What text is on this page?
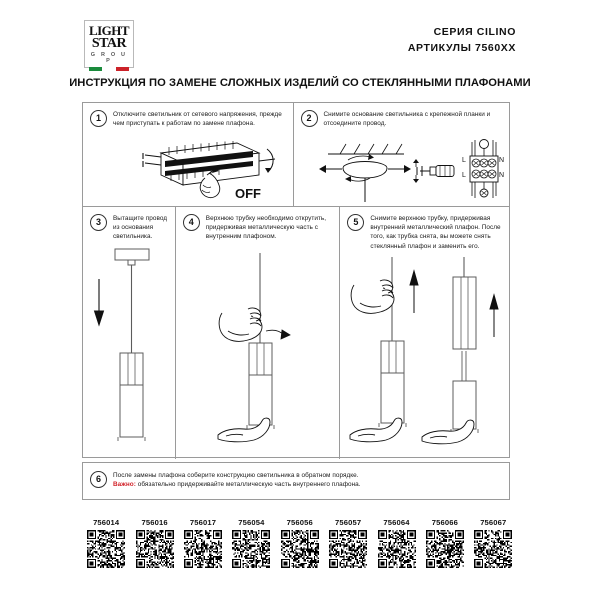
LIGHT
STAR
G R O U P
СЕРИЯ CILINO
АРТИКУЛЫ 7560ХХ
ИНСТРУКЦИЯ ПО ЗАМЕНЕ СЛОЖНЫХ ИЗДЕЛИЙ СО СТЕКЛЯННЫМИ ПЛАФОНАМИ
1	Отключите светильник от сетевого напряжения, прежде чем приступать к работам по замене плафона.
OFF
2	Снимите основание светильника с крепежной планки и отсоедините провод.
L	N
L	N
3	Вытащите провод из основания светильника.
4	Верхнюю трубку необходимо открутить, придерживая металлическую часть с внутренним плафоном.
5	Снимите верхнюю трубку, придерживая внутренний металлический плафон. После того, как трубка снята, вы можете снять стеклянный плафон и заменить его.
6	После замены плафона соберите конструкцию светильника в обратном порядке.
Важно: обязательно придерживайте металлическую часть внутреннего плафона.
756014	756016	756017	756054	756056	756057	756064	756066	756067
